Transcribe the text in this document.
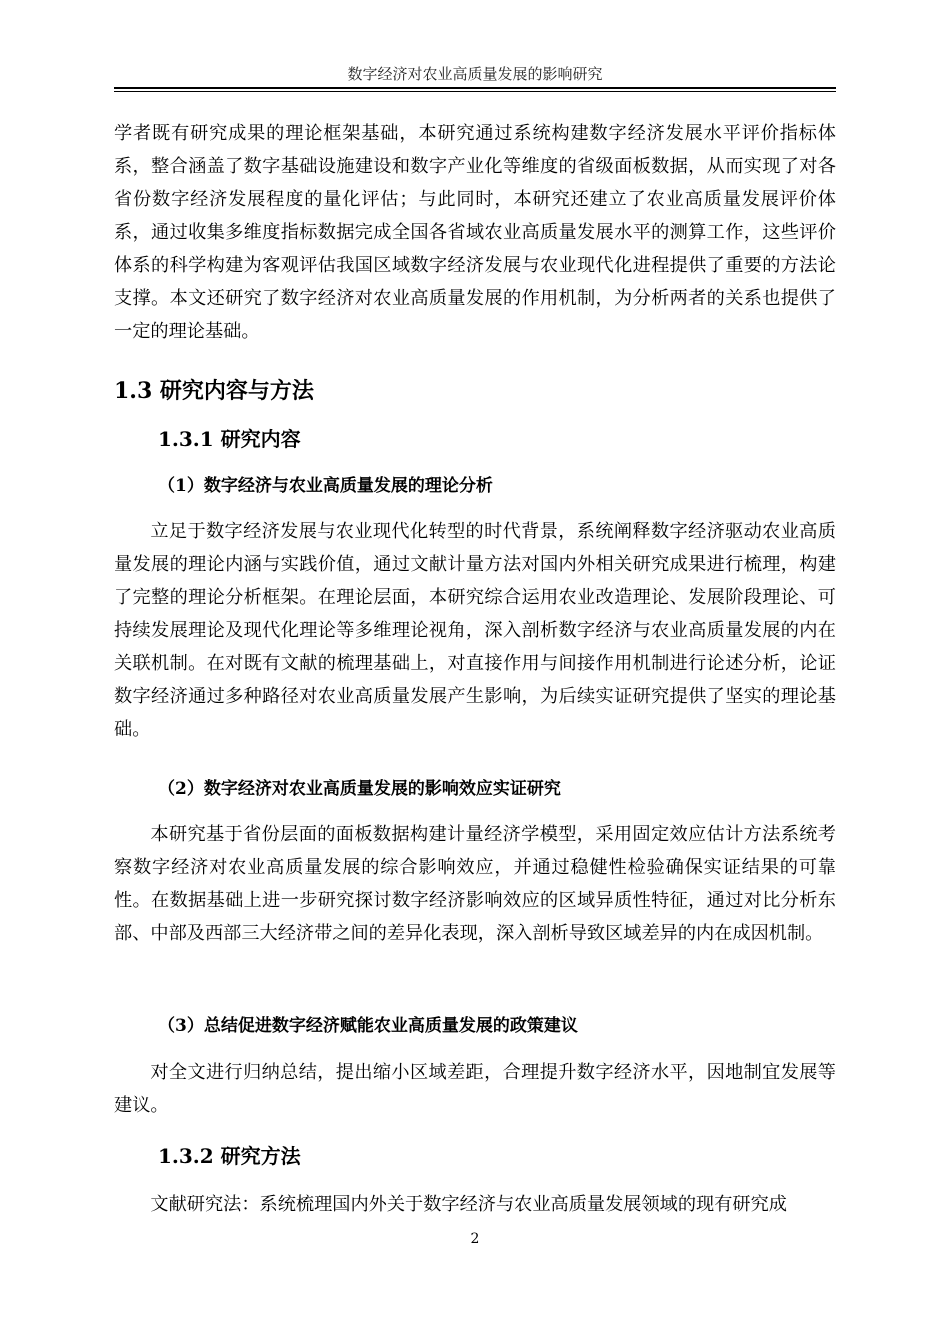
数字经济对农业高质量发展的影响研究

学者既有研究成果的理论框架基础，本研究通过系统构建数字经济发展水平评价指标体系，整合涵盖了数字基础设施建设和数字产业化等维度的省级面板数据，从而实现了对各省份数字经济发展程度的量化评估；与此同时，本研究还建立了农业高质量发展评价体系，通过收集多维度指标数据完成全国各省域农业高质量发展水平的测算工作，这些评价体系的科学构建为客观评估我国区域数字经济发展与农业现代化进程提供了重要的方法论支撑。本文还研究了数字经济对农业高质量发展的作用机制，为分析两者的关系也提供了一定的理论基础。

1.3 研究内容与方法
1.3.1 研究内容
（1）数字经济与农业高质量发展的理论分析

立足于数字经济发展与农业现代化转型的时代背景，系统阐释数字经济驱动农业高质量发展的理论内涵与实践价值，通过文献计量方法对国内外相关研究成果进行梳理，构建了完整的理论分析框架。在理论层面，本研究综合运用农业改造理论、发展阶段理论、可持续发展理论及现代化理论等多维理论视角，深入剖析数字经济与农业高质量发展的内在关联机制。在对既有文献的梳理基础上，对直接作用与间接作用机制进行论述分析，论证数字经济通过多种路径对农业高质量发展产生影响，为后续实证研究提供了坚实的理论基础。

（2）数字经济对农业高质量发展的影响效应实证研究

本研究基于省份层面的面板数据构建计量经济学模型，采用固定效应估计方法系统考察数字经济对农业高质量发展的综合影响效应，并通过稳健性检验确保实证结果的可靠性。在数据基础上进一步研究探讨数字经济影响效应的区域异质性特征，通过对比分析东部、中部及西部三大经济带之间的差异化表现，深入剖析导致区域差异的内在成因机制。

（3）总结促进数字经济赋能农业高质量发展的政策建议

对全文进行归纳总结，提出缩小区域差距，合理提升数字经济水平，因地制宜发展等建议。

1.3.2 研究方法

文献研究法：系统梳理国内外关于数字经济与农业高质量发展领域的现有研究成

2
